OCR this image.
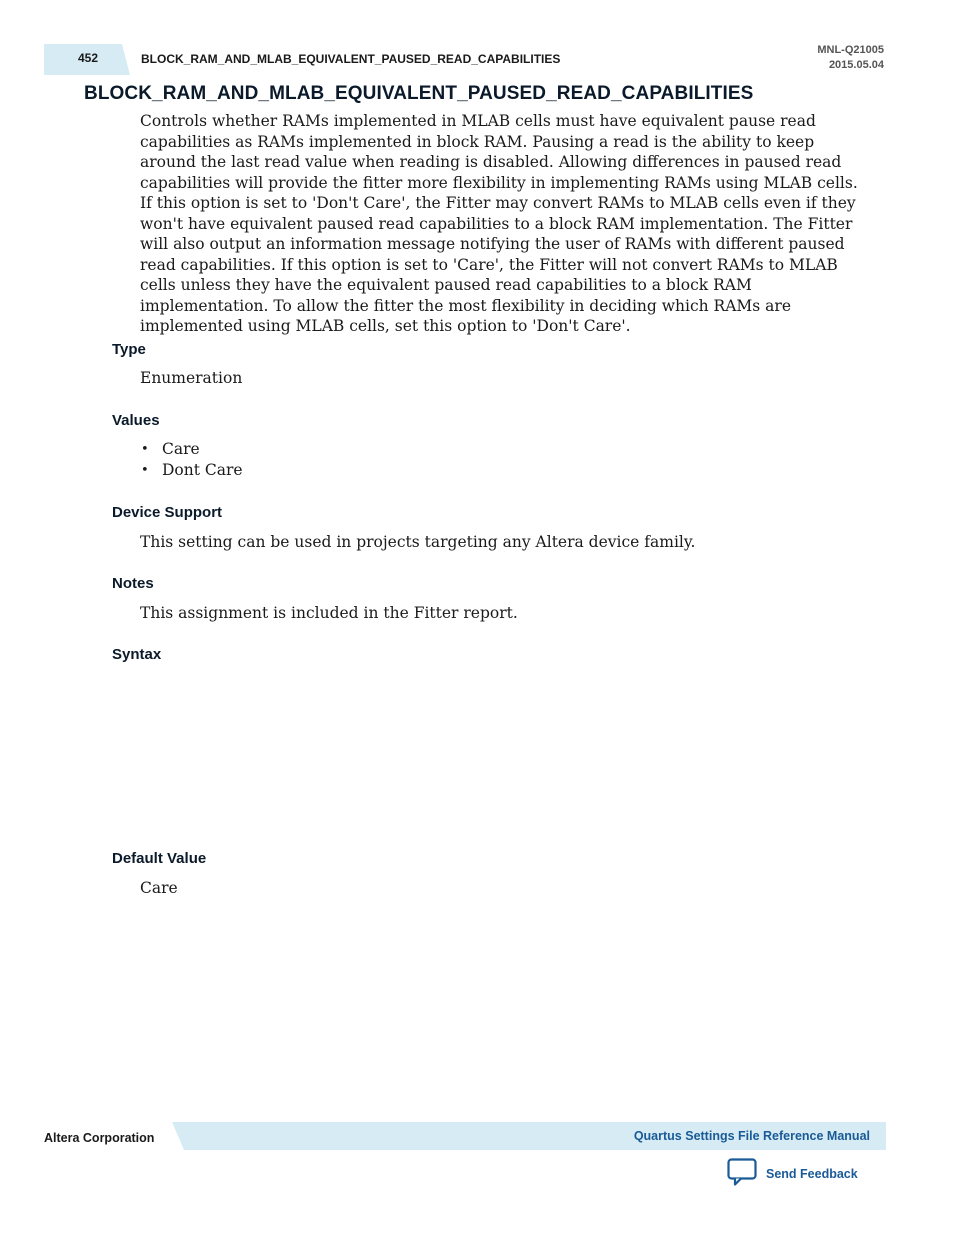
452	BLOCK_RAM_AND_MLAB_EQUIVALENT_PAUSED_READ_CAPABILITIES
MNL-Q21005
2015.05.04
BLOCK_RAM_AND_MLAB_EQUIVALENT_PAUSED_READ_CAPABILITIES
Controls whether RAMs implemented in MLAB cells must have equivalent pause read capabilities as RAMs implemented in block RAM. Pausing a read is the ability to keep around the last read value when reading is disabled. Allowing differences in paused read capabilities will provide the fitter more flexibility in implementing RAMs using MLAB cells. If this option is set to 'Don't Care', the Fitter may convert RAMs to MLAB cells even if they won't have equivalent paused read capabilities to a block RAM implementation. The Fitter will also output an information message notifying the user of RAMs with different paused read capabilities. If this option is set to 'Care', the Fitter will not convert RAMs to MLAB cells unless they have the equivalent paused read capabilities to a block RAM implementation. To allow the fitter the most flexibility in deciding which RAMs are implemented using MLAB cells, set this option to 'Don't Care'.
Type
Enumeration
Values
• Care
• Dont Care
Device Support
This setting can be used in projects targeting any Altera device family.
Notes
This assignment is included in the Fitter report.
Syntax
Default Value
Care
Altera Corporation	Quartus Settings File Reference Manual
Send Feedback
